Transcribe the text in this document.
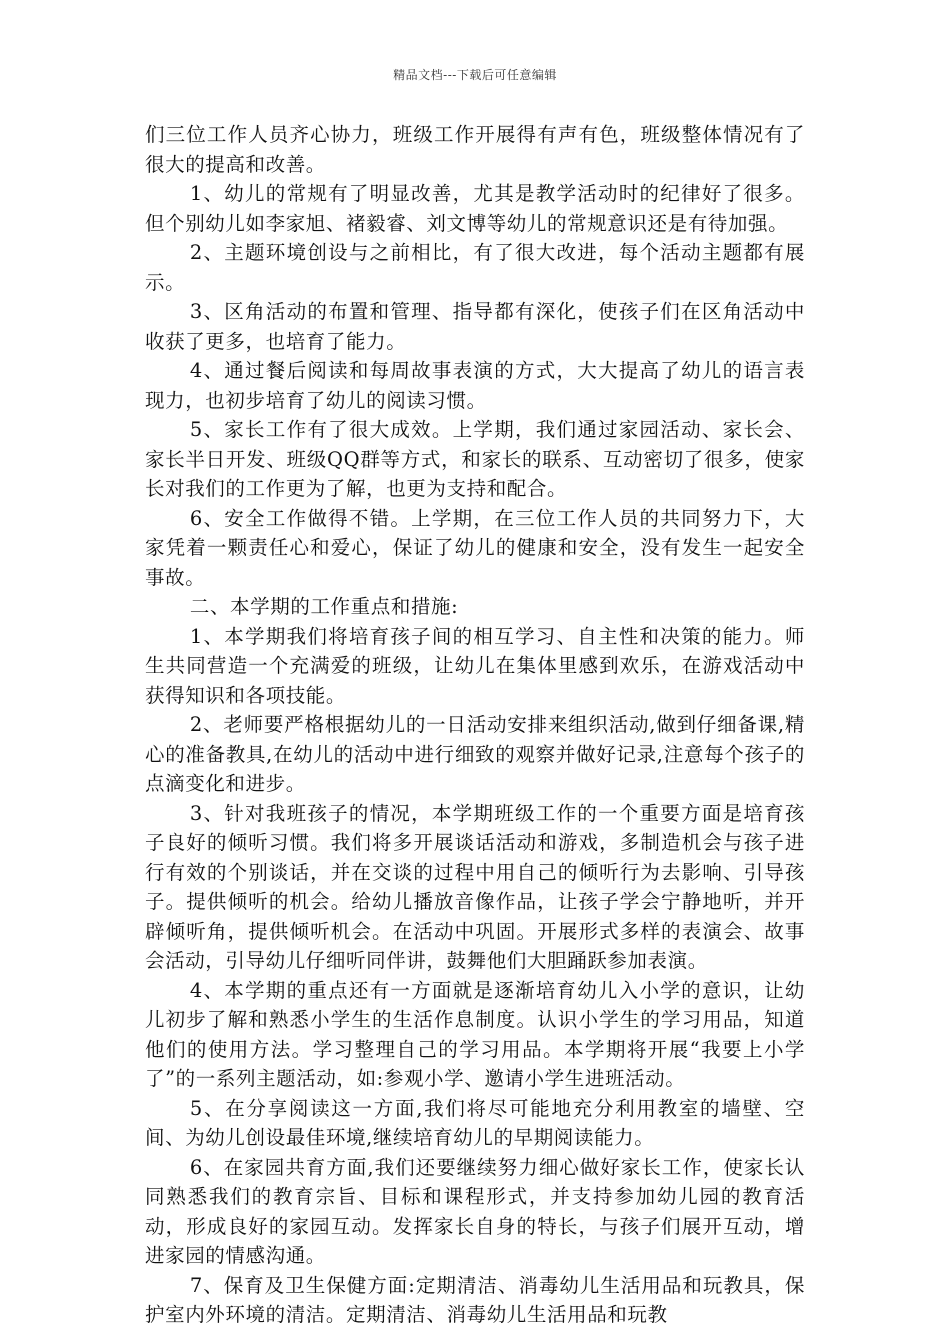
精品文档---下载后可任意编辑

们三位工作人员齐心协力，班级工作开展得有声有色，班级整体情况有了很大的提高和改善。

1、幼儿的常规有了明显改善，尤其是教学活动时的纪律好了很多。但个别幼儿如李家旭、褚毅睿、刘文博等幼儿的常规意识还是有待加强。

2、主题环境创设与之前相比，有了很大改进，每个活动主题都有展示。

3、区角活动的布置和管理、指导都有深化，使孩子们在区角活动中收获了更多，也培育了能力。

4、通过餐后阅读和每周故事表演的方式，大大提高了幼儿的语言表现力，也初步培育了幼儿的阅读习惯。

5、家长工作有了很大成效。上学期，我们通过家园活动、家长会、家长半日开发、班级QQ群等方式，和家长的联系、互动密切了很多，使家长对我们的工作更为了解，也更为支持和配合。

6、安全工作做得不错。上学期，在三位工作人员的共同努力下，大家凭着一颗责任心和爱心，保证了幼儿的健康和安全，没有发生一起安全事故。

二、本学期的工作重点和措施:

1、本学期我们将培育孩子间的相互学习、自主性和决策的能力。师生共同营造一个充满爱的班级，让幼儿在集体里感到欢乐，在游戏活动中获得知识和各项技能。

2、老师要严格根据幼儿的一日活动安排来组织活动,做到仔细备课,精心的准备教具,在幼儿的活动中进行细致的观察并做好记录,注意每个孩子的点滴变化和进步。

3、针对我班孩子的情况，本学期班级工作的一个重要方面是培育孩子良好的倾听习惯。我们将多开展谈话活动和游戏，多制造机会与孩子进行有效的个别谈话，并在交谈的过程中用自己的倾听行为去影响、引导孩子。提供倾听的机会。给幼儿播放音像作品，让孩子学会宁静地听，并开辟倾听角，提供倾听机会。在活动中巩固。开展形式多样的表演会、故事会活动，引导幼儿仔细听同伴讲，鼓舞他们大胆踊跃参加表演。

4、本学期的重点还有一方面就是逐渐培育幼儿入小学的意识，让幼儿初步了解和熟悉小学生的生活作息制度。认识小学生的学习用品，知道他们的使用方法。学习整理自己的学习用品。本学期将开展“我要上小学了”的一系列主题活动，如:参观小学、邀请小学生进班活动。

5、在分享阅读这一方面,我们将尽可能地充分利用教室的墙壁、空间、为幼儿创设最佳环境,继续培育幼儿的早期阅读能力。

6、在家园共育方面,我们还要继续努力细心做好家长工作，使家长认同熟悉我们的教育宗旨、目标和课程形式，并支持参加幼儿园的教育活动，形成良好的家园互动。发挥家长自身的特长，与孩子们展开互动，增进家园的情感沟通。

7、保育及卫生保健方面:定期清洁、消毒幼儿生活用品和玩教具，保护室内外环境的清洁。定期清洁、消毒幼儿生活用品和玩教
